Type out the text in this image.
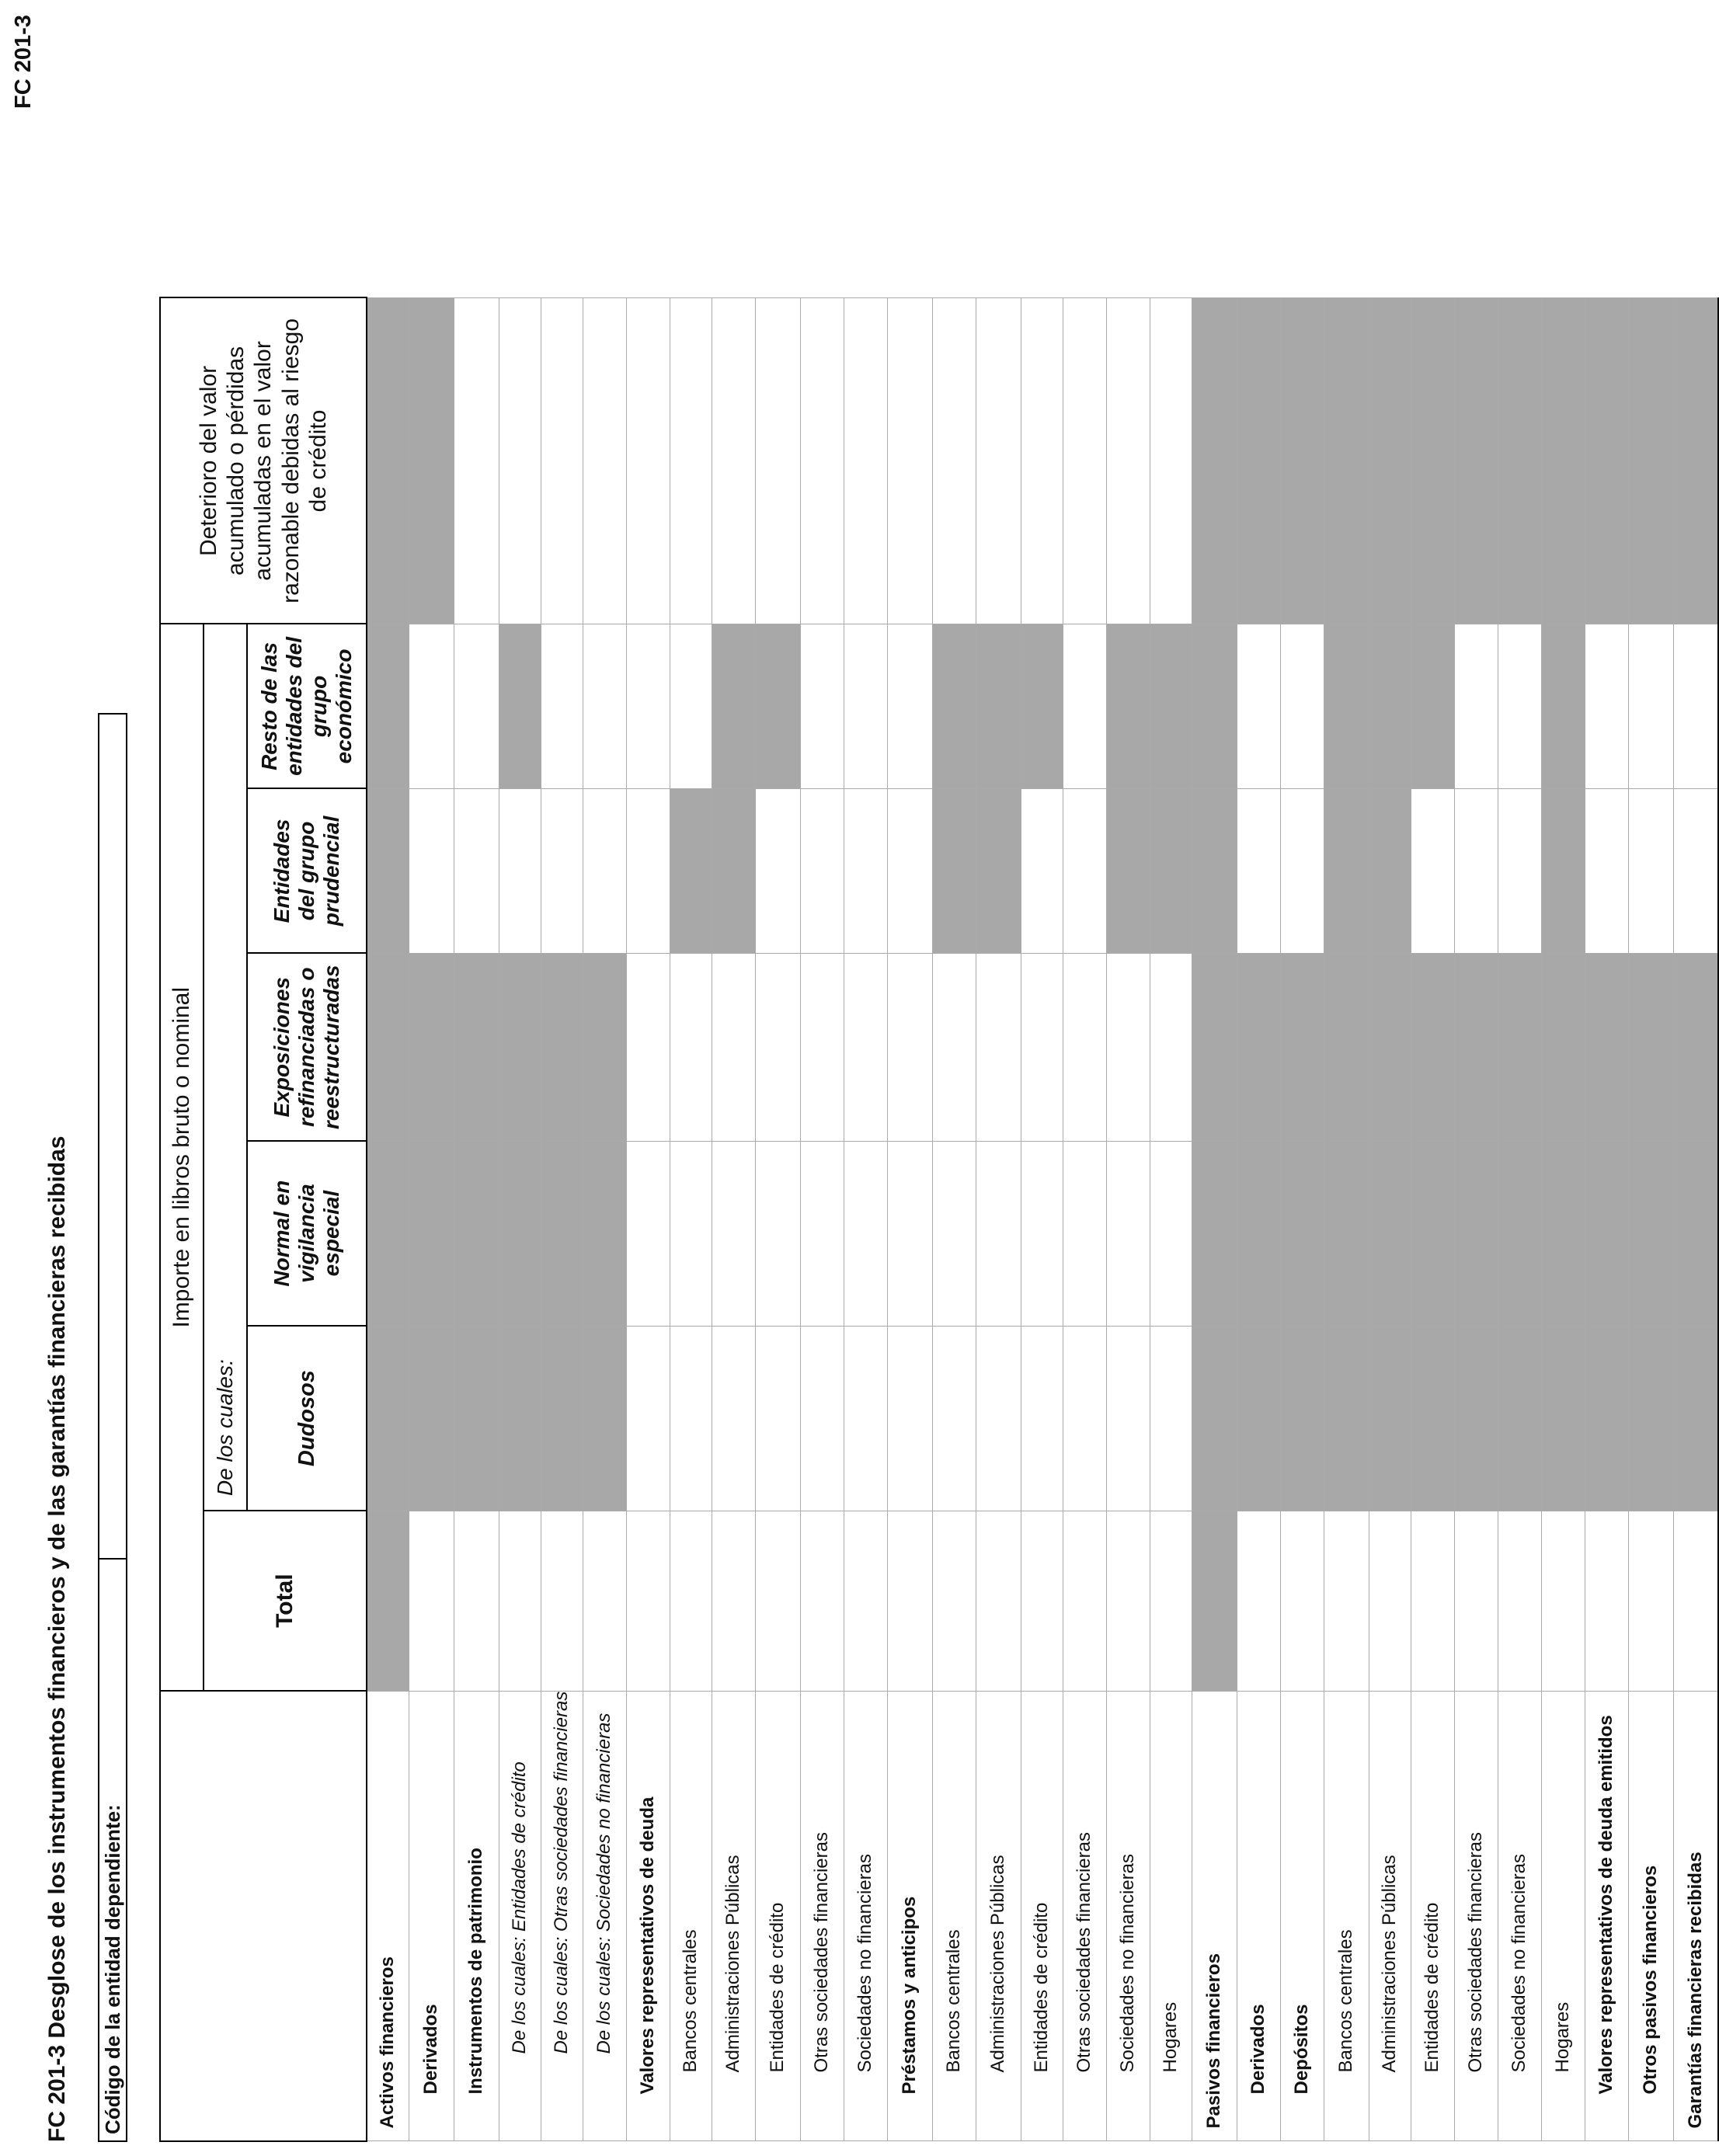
FC 201-3
FC 201-3 Desglose de los instrumentos financieros y de las garantías financieras recibidas Código de la entidad dependiente:
	Importe en libros bruto o nominal						Deterioro del valor acumulado o pérdidas acumuladas en el valor razonable debidas al riesgo de crédito
	Total	De los cuales:					
		Dudosos	Normal en vigilancia especial	Exposiciones refinanciadas o reestructuradas	Entidades del grupo prudencial	Resto de las entidades del grupo económico	
Activos financieros							
Derivados							
Instrumentos de patrimonio							
De los cuales: Entidades de crédito							
De los cuales: Otras sociedades financieras							
De los cuales: Sociedades no financieras							
Valores representativos de deuda							
Bancos centrales							
Administraciones Públicas							
Entidades de crédito							
Otras sociedades financieras							
Sociedades no financieras							
Préstamos y anticipos							
Bancos centrales							
Administraciones Públicas							
Entidades de crédito							
Otras sociedades financieras							
Sociedades no financieras							
Hogares							
Pasivos financieros							
Derivados							
Depósitos							
Bancos centrales							
Administraciones Públicas							
Entidades de crédito							
Otras sociedades financieras							
Sociedades no financieras							
Hogares							
Valores representativos de deuda emitidos							
Otros pasivos financieros							
Garantías financieras recibidas							
